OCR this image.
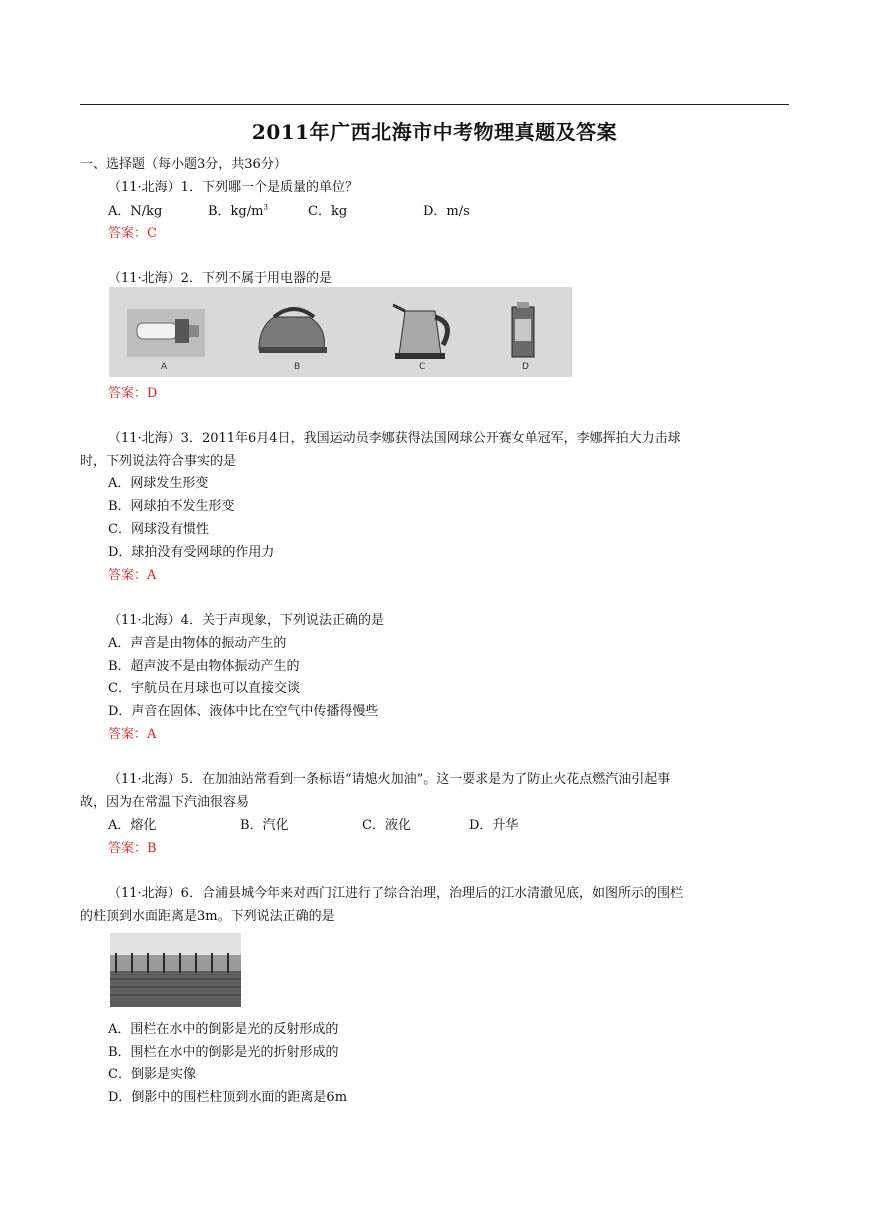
2011年广西北海市中考物理真题及答案
一、选择题（每小题3分，共36分）
（11·北海）1．下列哪一个是质量的单位？
A．N/kg	B．$kg/m^3$	C．kg	D．m/s
答案：C
（11·北海）2．下列不属于用电器的是
A	B	C	D
答案：D
（11·北海）3．2011年6月4日，我国运动员李娜获得法国网球公开赛女单冠军，李娜挥拍大力击球
时，下列说法符合事实的是
A．网球发生形变
B．网球拍不发生形变
C．网球没有惯性
D．球拍没有受网球的作用力
答案：A
（11·北海）4．关于声现象，下列说法正确的是
A．声音是由物体的振动产生的
B．超声波不是由物体振动产生的
C．宇航员在月球也可以直接交谈
D．声音在固体、液体中比在空气中传播得慢些
答案：A
（11·北海）5．在加油站常看到一条标语“请熄火加油”。这一要求是为了防止火花点燃汽油引起事
故，因为在常温下汽油很容易
A．熔化	B．汽化	C．液化	D．升华
答案：B
（11·北海）6．合浦县城今年来对西门江进行了综合治理，治理后的江水清澈见底，如图所示的围栏
的柱顶到水面距离是3m。下列说法正确的是
A．围栏在水中的倒影是光的反射形成的
B．围栏在水中的倒影是光的折射形成的
C．倒影是实像
D．倒影中的围栏柱顶到水面的距离是6m
